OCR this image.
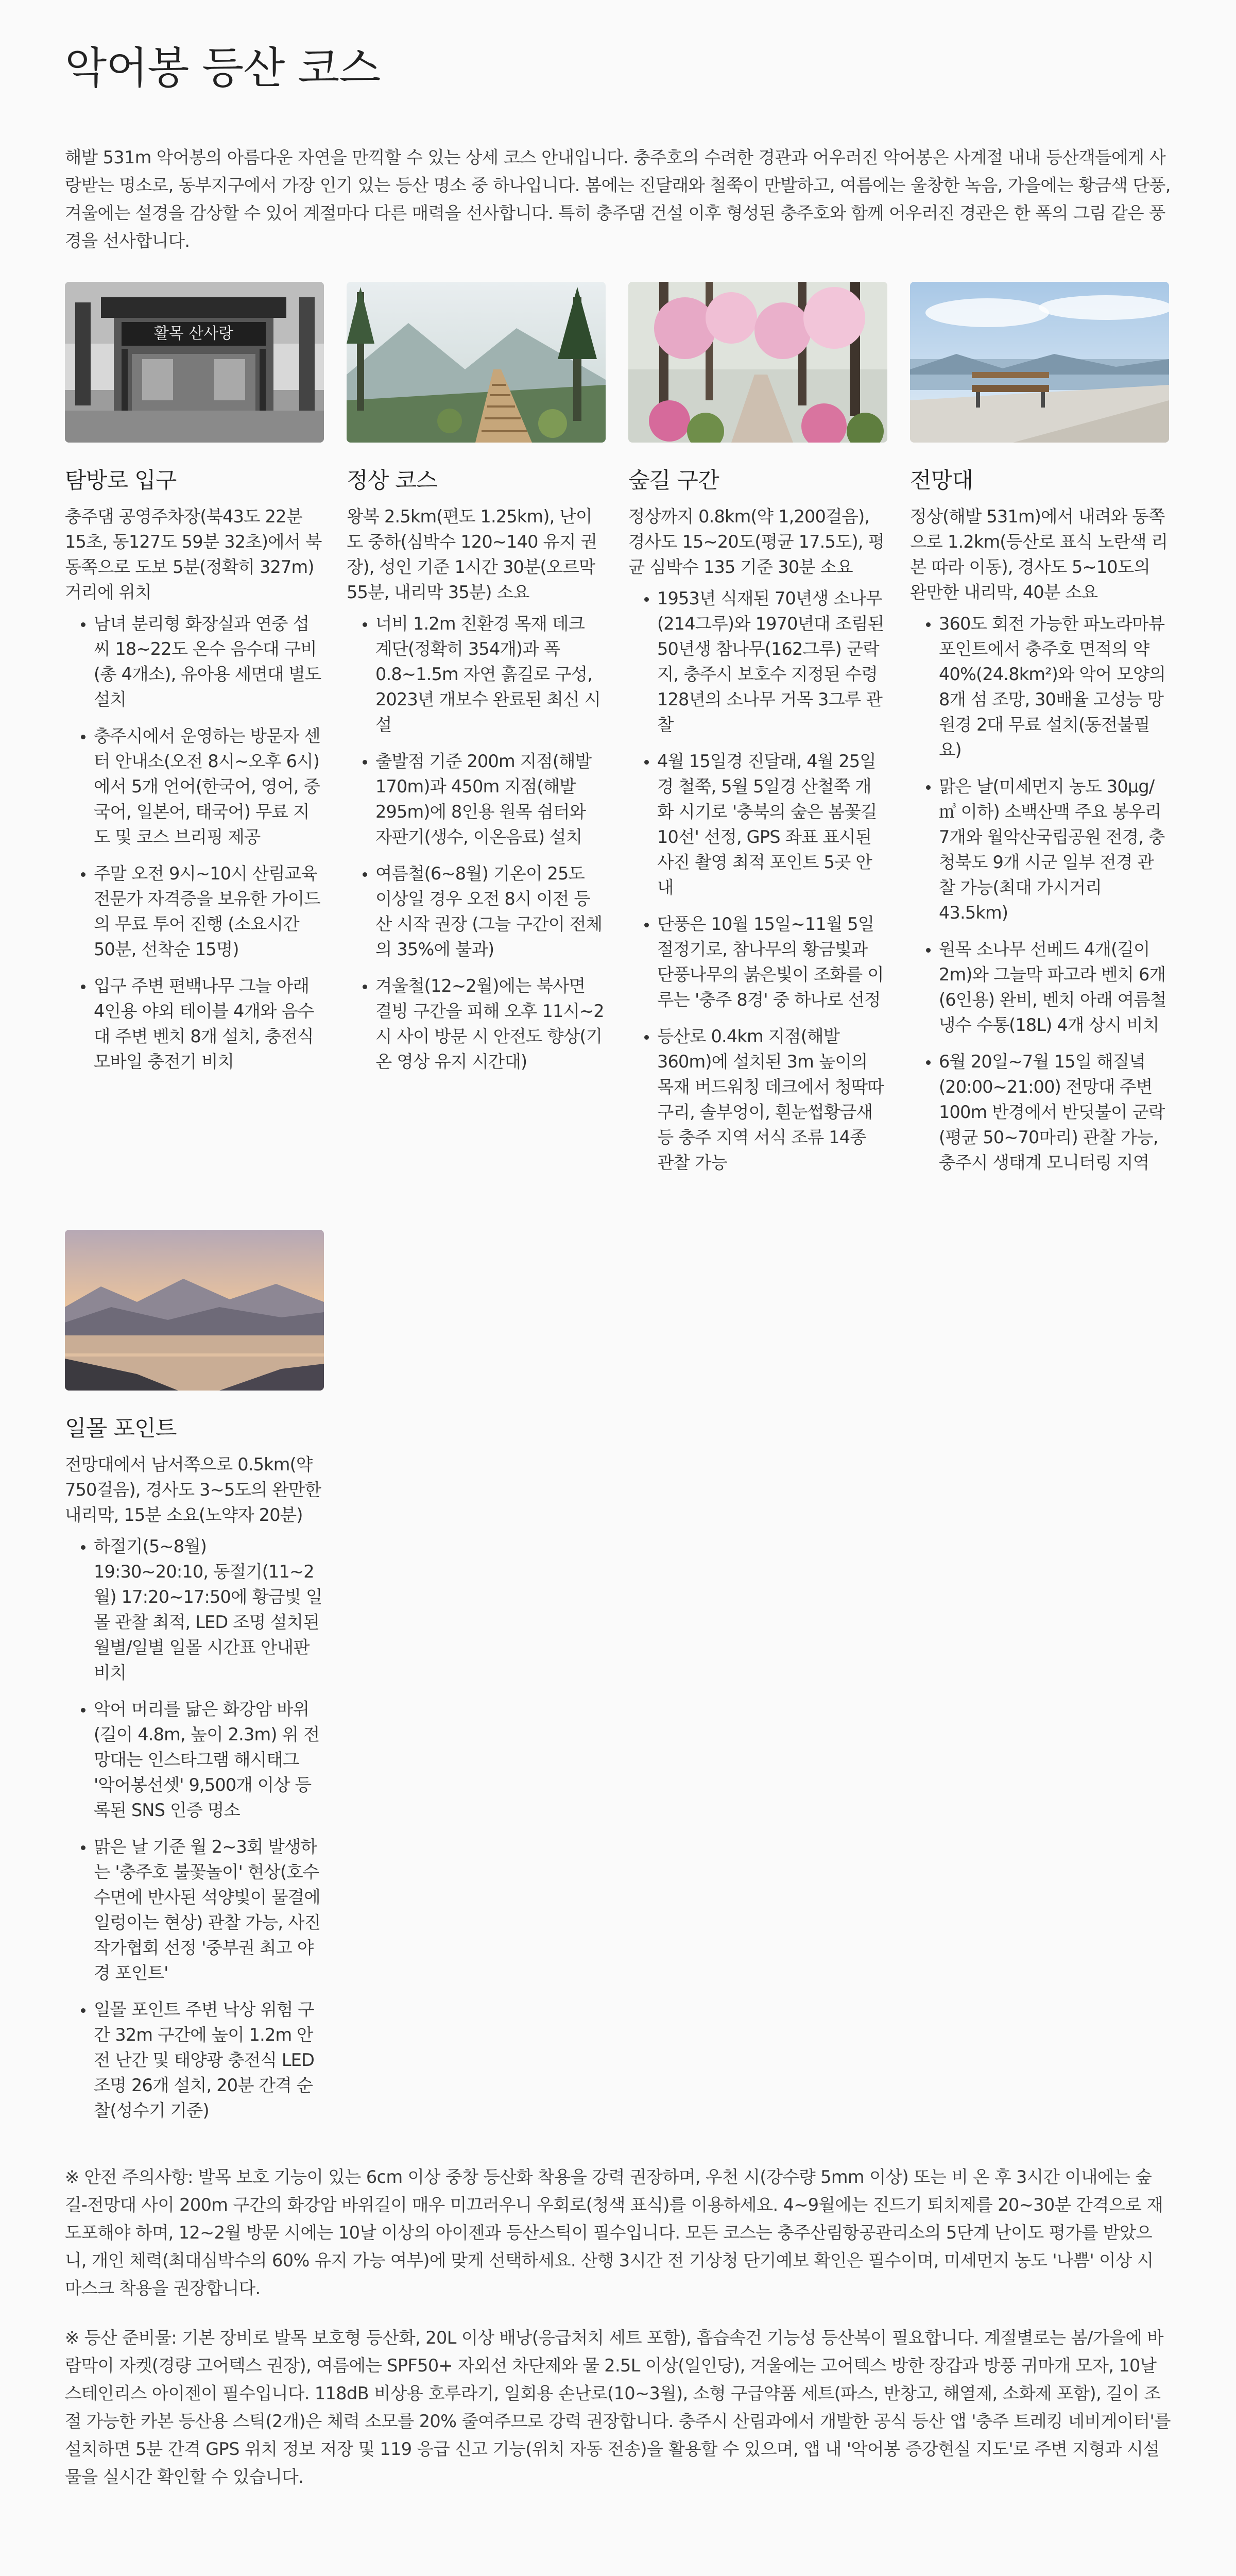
악어봉 등산 코스

해발 531m 악어봉의 아름다운 자연을 만끽할 수 있는 상세 코스 안내입니다. 충주호의 수려한 경관과 어우러진 악어봉은 사계절 내내 등산객들에게 사랑받는 명소로, 동부지구에서 가장 인기 있는 등산 명소 중 하나입니다. 봄에는 진달래와 철쭉이 만발하고, 여름에는 울창한 녹음, 가을에는 황금색 단풍, 겨울에는 설경을 감상할 수 있어 계절마다 다른 매력을 선사합니다. 특히 충주댐 건설 이후 형성된 충주호와 함께 어우러진 경관은 한 폭의 그림 같은 풍경을 선사합니다.

활목 산사랑
탐방로 입구

충주댐 공영주차장(북43도 22분 15초, 동127도 59분 32초)에서 북동쪽으로 도보 5분(정확히 327m) 거리에 위치

• 남녀 분리형 화장실과 연중 섭씨 18~22도 온수 음수대 구비(총 4개소), 유아용 세면대 별도 설치
• 충주시에서 운영하는 방문자 센터 안내소(오전 8시~오후 6시)에서 5개 언어(한국어, 영어, 중국어, 일본어, 태국어) 무료 지도 및 코스 브리핑 제공
• 주말 오전 9시~10시 산림교육 전문가 자격증을 보유한 가이드의 무료 투어 진행 (소요시간 50분, 선착순 15명)
• 입구 주변 편백나무 그늘 아래 4인용 야외 테이블 4개와 음수대 주변 벤치 8개 설치, 충전식 모바일 충전기 비치
정상 코스

왕복 2.5km(편도 1.25km), 난이도 중하(심박수 120~140 유지 권장), 성인 기준 1시간 30분(오르막 55분, 내리막 35분) 소요

• 너비 1.2m 친환경 목재 데크 계단(정확히 354개)과 폭 0.8~1.5m 자연 흙길로 구성, 2023년 개보수 완료된 최신 시설
• 출발점 기준 200m 지점(해발 170m)과 450m 지점(해발 295m)에 8인용 원목 쉼터와 자판기(생수, 이온음료) 설치
• 여름철(6~8월) 기온이 25도 이상일 경우 오전 8시 이전 등산 시작 권장 (그늘 구간이 전체의 35%에 불과)
• 겨울철(12~2월)에는 북사면 결빙 구간을 피해 오후 11시~2시 사이 방문 시 안전도 향상(기온 영상 유지 시간대)
숲길 구간

정상까지 0.8km(약 1,200걸음), 경사도 15~20도(평균 17.5도), 평균 심박수 135 기준 30분 소요

• 1953년 식재된 70년생 소나무(214그루)와 1970년대 조림된 50년생 참나무(162그루) 군락지, 충주시 보호수 지정된 수령 128년의 소나무 거목 3그루 관찰
• 4월 15일경 진달래, 4월 25일경 철쭉, 5월 5일경 산철쭉 개화 시기로 '충북의 숲은 봄꽃길 10선' 선정, GPS 좌표 표시된 사진 촬영 최적 포인트 5곳 안내
• 단풍은 10월 15일~11월 5일 절정기로, 참나무의 황금빛과 단풍나무의 붉은빛이 조화를 이루는 '충주 8경' 중 하나로 선정
• 등산로 0.4km 지점(해발 360m)에 설치된 3m 높이의 목재 버드워칭 데크에서 청딱따구리, 솔부엉이, 흰눈썹황금새 등 충주 지역 서식 조류 14종 관찰 가능
전망대

정상(해발 531m)에서 내려와 동쪽으로 1.2km(등산로 표식 노란색 리본 따라 이동), 경사도 5~10도의 완만한 내리막, 40분 소요

• 360도 회전 가능한 파노라마뷰 포인트에서 충주호 면적의 약 40%(24.8km²)와 악어 모양의 8개 섬 조망, 30배율 고성능 망원경 2대 무료 설치(동전불필요)
• 맑은 날(미세먼지 농도 30μg/㎥ 이하) 소백산맥 주요 봉우리 7개와 월악산국립공원 전경, 충청북도 9개 시군 일부 전경 관찰 가능(최대 가시거리 43.5km)
• 원목 소나무 선베드 4개(길이 2m)와 그늘막 파고라 벤치 6개(6인용) 완비, 벤치 아래 여름철 냉수 수통(18L) 4개 상시 비치
• 6월 20일~7월 15일 해질녘(20:00~21:00) 전망대 주변 100m 반경에서 반딧불이 군락(평균 50~70마리) 관찰 가능, 충주시 생태계 모니터링 지역
일몰 포인트

전망대에서 남서쪽으로 0.5km(약 750걸음), 경사도 3~5도의 완만한 내리막, 15분 소요(노약자 20분)

• 하절기(5~8월) 19:30~20:10, 동절기(11~2월) 17:20~17:50에 황금빛 일몰 관찰 최적, LED 조명 설치된 월별/일별 일몰 시간표 안내판 비치
• 악어 머리를 닮은 화강암 바위(길이 4.8m, 높이 2.3m) 위 전망대는 인스타그램 해시태그 '악어봉선셋' 9,500개 이상 등록된 SNS 인증 명소
• 맑은 날 기준 월 2~3회 발생하는 '충주호 불꽃놀이' 현상(호수 수면에 반사된 석양빛이 물결에 일렁이는 현상) 관찰 가능, 사진작가협회 선정 '중부권 최고 야경 포인트'
• 일몰 포인트 주변 낙상 위험 구간 32m 구간에 높이 1.2m 안전 난간 및 태양광 충전식 LED 조명 26개 설치, 20분 간격 순찰(성수기 기준)

※ 안전 주의사항: 발목 보호 기능이 있는 6cm 이상 중창 등산화 착용을 강력 권장하며, 우천 시(강수량 5mm 이상) 또는 비 온 후 3시간 이내에는 숲길-전망대 사이 200m 구간의 화강암 바위길이 매우 미끄러우니 우회로(청색 표식)를 이용하세요. 4~9월에는 진드기 퇴치제를 20~30분 간격으로 재도포해야 하며, 12~2월 방문 시에는 10날 이상의 아이젠과 등산스틱이 필수입니다. 모든 코스는 충주산림항공관리소의 5단계 난이도 평가를 받았으니, 개인 체력(최대심박수의 60% 유지 가능 여부)에 맞게 선택하세요. 산행 3시간 전 기상청 단기예보 확인은 필수이며, 미세먼지 농도 '나쁨' 이상 시 마스크 착용을 권장합니다.

※ 등산 준비물: 기본 장비로 발목 보호형 등산화, 20L 이상 배낭(응급처치 세트 포함), 흡습속건 기능성 등산복이 필요합니다. 계절별로는 봄/가을에 바람막이 자켓(경량 고어텍스 권장), 여름에는 SPF50+ 자외선 차단제와 물 2.5L 이상(일인당), 겨울에는 고어텍스 방한 장갑과 방풍 귀마개 모자, 10날 스테인리스 아이젠이 필수입니다. 118dB 비상용 호루라기, 일회용 손난로(10~3월), 소형 구급약품 세트(파스, 반창고, 해열제, 소화제 포함), 길이 조절 가능한 카본 등산용 스틱(2개)은 체력 소모를 20% 줄여주므로 강력 권장합니다. 충주시 산림과에서 개발한 공식 등산 앱 '충주 트레킹 네비게이터'를 설치하면 5분 간격 GPS 위치 정보 저장 및 119 응급 신고 기능(위치 자동 전송)을 활용할 수 있으며, 앱 내 '악어봉 증강현실 지도'로 주변 지형과 시설물을 실시간 확인할 수 있습니다.
